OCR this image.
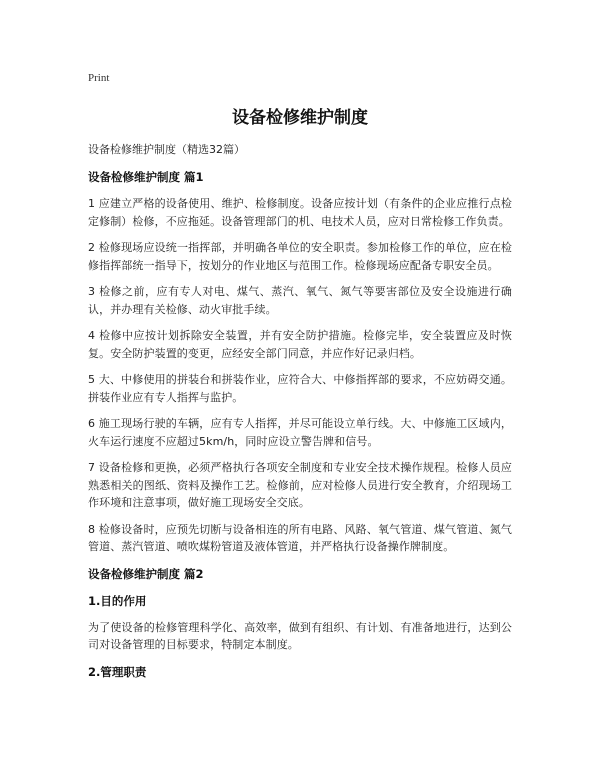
Print
设备检修维护制度
设备检修维护制度（精选32篇）
设备检修维护制度 篇1

1 应建立严格的设备使用、维护、检修制度。设备应按计划（有条件的企业应推行点检定修制）检修，不应拖延。设备管理部门的机、电技术人员，应对日常检修工作负责。

2 检修现场应设统一指挥部，并明确各单位的安全职责。参加检修工作的单位，应在检修指挥部统一指导下，按划分的作业地区与范围工作。检修现场应配备专职安全员。

3 检修之前，应有专人对电、煤气、蒸汽、氧气、氮气等要害部位及安全设施进行确认，并办理有关检修、动火审批手续。

4 检修中应按计划拆除安全装置，并有安全防护措施。检修完毕，安全装置应及时恢复。安全防护装置的变更，应经安全部门同意，并应作好记录归档。

5 大、中修使用的拼装台和拼装作业，应符合大、中修指挥部的要求，不应妨碍交通。拼装作业应有专人指挥与监护。

6 施工现场行驶的车辆，应有专人指挥，并尽可能设立单行线。大、中修施工区域内，火车运行速度不应超过5km/h，同时应设立警告牌和信号。

7 设备检修和更换，必须严格执行各项安全制度和专业安全技术操作规程。检修人员应熟悉相关的图纸、资料及操作工艺。检修前，应对检修人员进行安全教育，介绍现场工作环境和注意事项，做好施工现场安全交底。

8 检修设备时，应预先切断与设备相连的所有电路、风路、氧气管道、煤气管道、氮气管道、蒸汽管道、喷吹煤粉管道及液体管道，并严格执行设备操作牌制度。

设备检修维护制度 篇2
1.目的作用

为了使设备的检修管理科学化、高效率，做到有组织、有计划、有准备地进行，达到公司对设备管理的目标要求，特制定本制度。

2.管理职责
